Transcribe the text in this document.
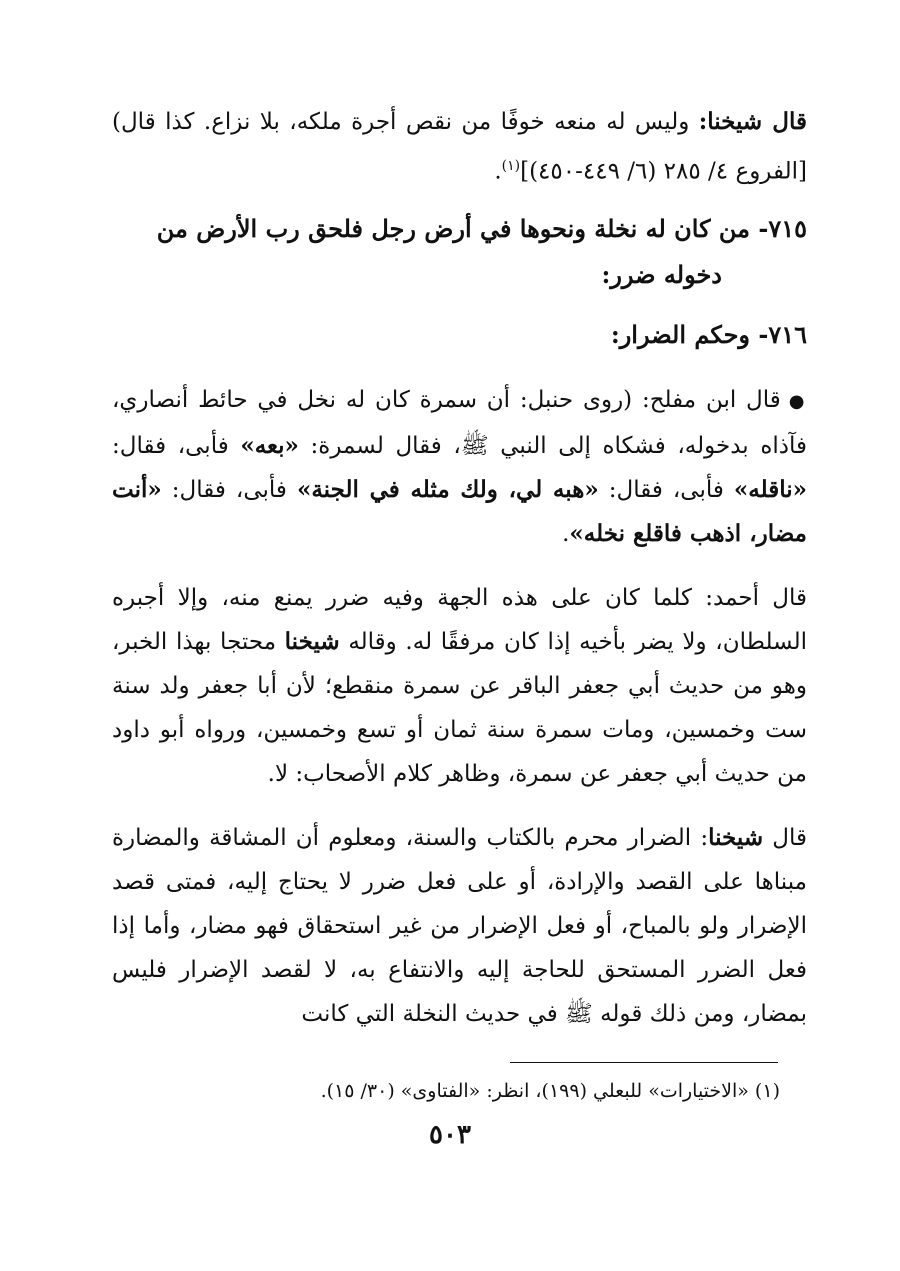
قال شيخنا: وليس له منعه خوفًا من نقص أجرة ملكه، بلا نزاع. كذا قال) [الفروع ٤/ ٢٨٥ (٦/ ٤٤٩-٤٥٠)]$^{(١)}$.

٧١٥- من كان له نخلة ونحوها في أرض رجل فلحق رب الأرض من
دخوله ضرر:

٧١٦- وحكم الضرار:

●قال ابن مفلح: (روى حنبل: أن سمرة كان له نخل في حائط أنصاري، فآذاه بدخوله، فشكاه إلى النبي ﷺ، فقال لسمرة: «بعه» فأبى، فقال: «ناقله» فأبى، فقال: «هبه لي، ولك مثله في الجنة» فأبى، فقال: «أنت مضار، اذهب فاقلع نخله».

قال أحمد: كلما كان على هذه الجهة وفيه ضرر يمنع منه، وإلا أجبره السلطان، ولا يضر بأخيه إذا كان مرفقًا له. وقاله شيخنا محتجا بهذا الخبر، وهو من حديث أبي جعفر الباقر عن سمرة منقطع؛ لأن أبا جعفر ولد سنة ست وخمسين، ومات سمرة سنة ثمان أو تسع وخمسين، ورواه أبو داود من حديث أبي جعفر عن سمرة، وظاهر كلام الأصحاب: لا.

قال شيخنا: الضرار محرم بالكتاب والسنة، ومعلوم أن المشاقة والمضارة مبناها على القصد والإرادة، أو على فعل ضرر لا يحتاج إليه، فمتى قصد الإضرار ولو بالمباح، أو فعل الإضرار من غير استحقاق فهو مضار، وأما إذا فعل الضرر المستحق للحاجة إليه والانتفاع به، لا لقصد الإضرار فليس بمضار، ومن ذلك قوله ﷺ في حديث النخلة التي كانت

(١) «الاختيارات» للبعلي (١٩٩)، انظر: «الفتاوى» (٣٠/ ١٥).
٥٠٣
